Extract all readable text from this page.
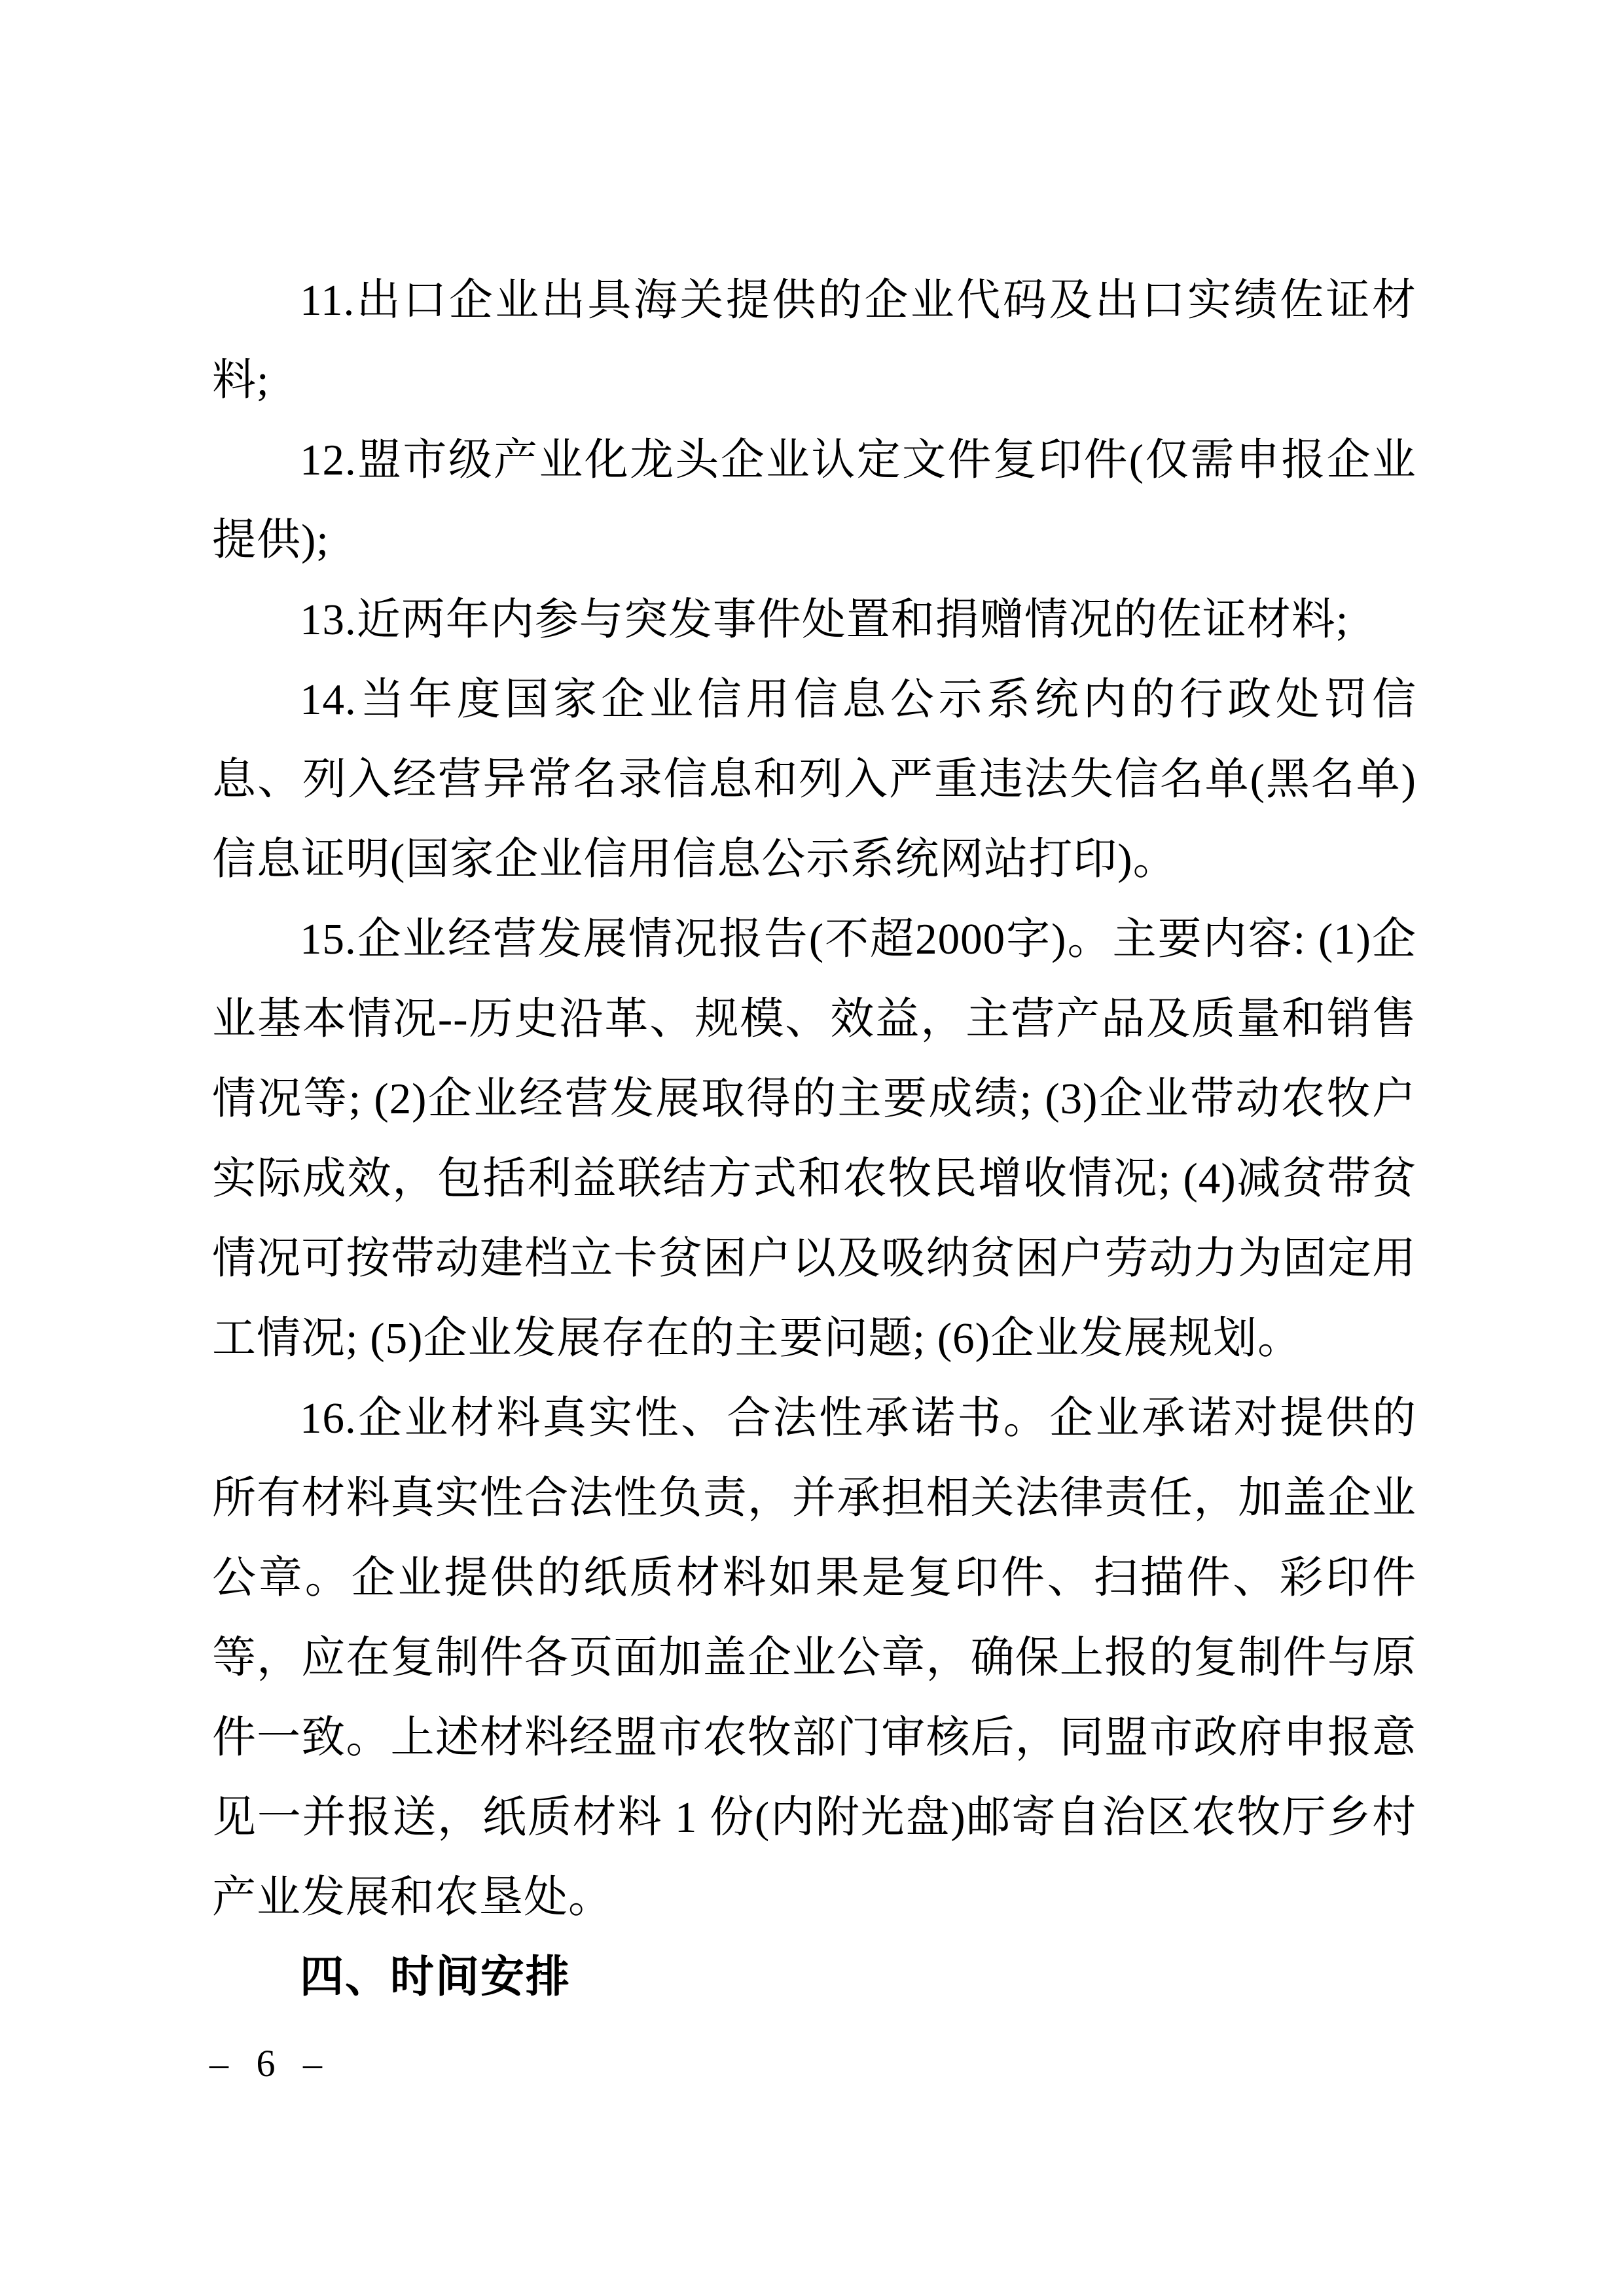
11.出口企业出具海关提供的企业代码及出口实绩佐证材料;

12.盟市级产业化龙头企业认定文件复印件(仅需申报企业提供);

13.近两年内参与突发事件处置和捐赠情况的佐证材料;

14.当年度国家企业信用信息公示系统内的行政处罚信息、列入经营异常名录信息和列入严重违法失信名单(黑名单)信息证明(国家企业信用信息公示系统网站打印)。

15.企业经营发展情况报告(不超2000字)。主要内容: (1)企业基本情况--历史沿革、规模、效益，主营产品及质量和销售情况等; (2)企业经营发展取得的主要成绩; (3)企业带动农牧户实际成效，包括利益联结方式和农牧民增收情况; (4)减贫带贫情况可按带动建档立卡贫困户以及吸纳贫困户劳动力为固定用工情况; (5)企业发展存在的主要问题; (6)企业发展规划。

16.企业材料真实性、合法性承诺书。企业承诺对提供的所有材料真实性合法性负责，并承担相关法律责任，加盖企业公章。企业提供的纸质材料如果是复印件、扫描件、彩印件等，应在复制件各页面加盖企业公章，确保上报的复制件与原件一致。上述材料经盟市农牧部门审核后，同盟市政府申报意见一并报送，纸质材料 1 份(内附光盘)邮寄自治区农牧厅乡村产业发展和农垦处。

四、时间安排

– 6 –
